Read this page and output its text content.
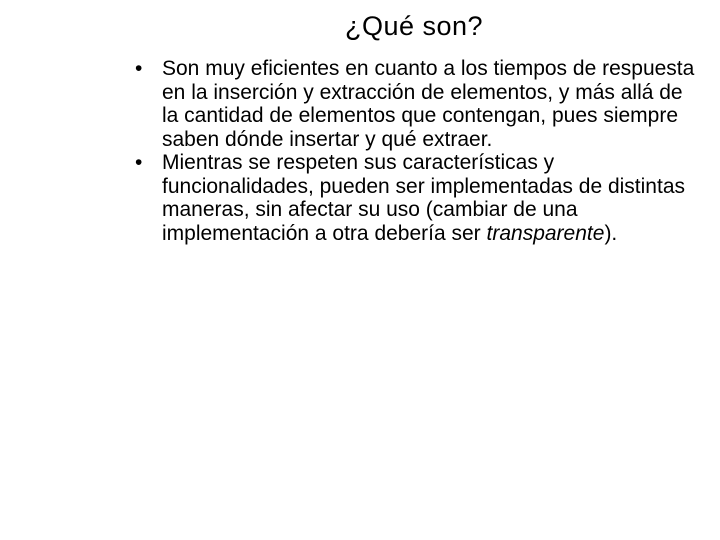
¿Qué son?
• Son muy eficientes en cuanto a los tiempos de respuesta en la inserción y extracción de elementos, y más allá de la cantidad de elementos que contengan, pues siempre saben dónde insertar y qué extraer.
• Mientras se respeten sus características y funcionalidades, pueden ser implementadas de distintas maneras, sin afectar su uso (cambiar de una implementación a otra debería ser transparente).
